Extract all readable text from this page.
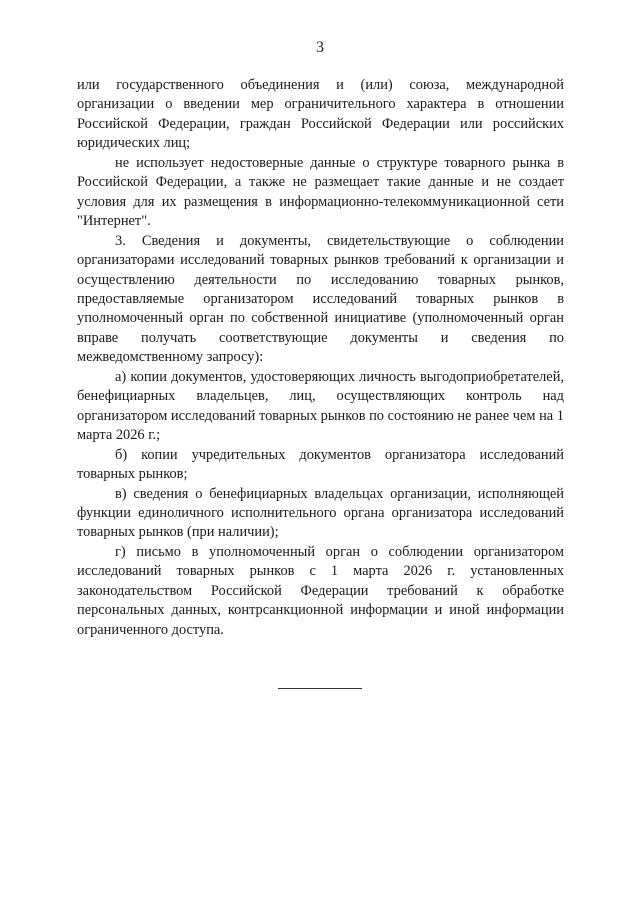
3

или государственного объединения и (или) союза, международной организации о введении мер ограничительного характера в отношении Российской Федерации, граждан Российской Федерации или российских юридических лиц;

не использует недостоверные данные о структуре товарного рынка в Российской Федерации, а также не размещает такие данные и не создает условия для их размещения в информационно-телекоммуникационной сети "Интернет".

3. Сведения и документы, свидетельствующие о соблюдении организаторами исследований товарных рынков требований к организации и осуществлению деятельности по исследованию товарных рынков, предоставляемые организатором исследований товарных рынков в уполномоченный орган по собственной инициативе (уполномоченный орган вправе получать соответствующие документы и сведения по межведомственному запросу):

а) копии документов, удостоверяющих личность выгодоприобретателей, бенефициарных владельцев, лиц, осуществляющих контроль над организатором исследований товарных рынков по состоянию не ранее чем на 1 марта 2026 г.;

б) копии учредительных документов организатора исследований товарных рынков;

в) сведения о бенефициарных владельцах организации, исполняющей функции единоличного исполнительного органа организатора исследований товарных рынков (при наличии);

г) письмо в уполномоченный орган о соблюдении организатором исследований товарных рынков с 1 марта 2026 г. установленных законодательством Российской Федерации требований к обработке персональных данных, контрсанкционной информации и иной информации ограниченного доступа.
